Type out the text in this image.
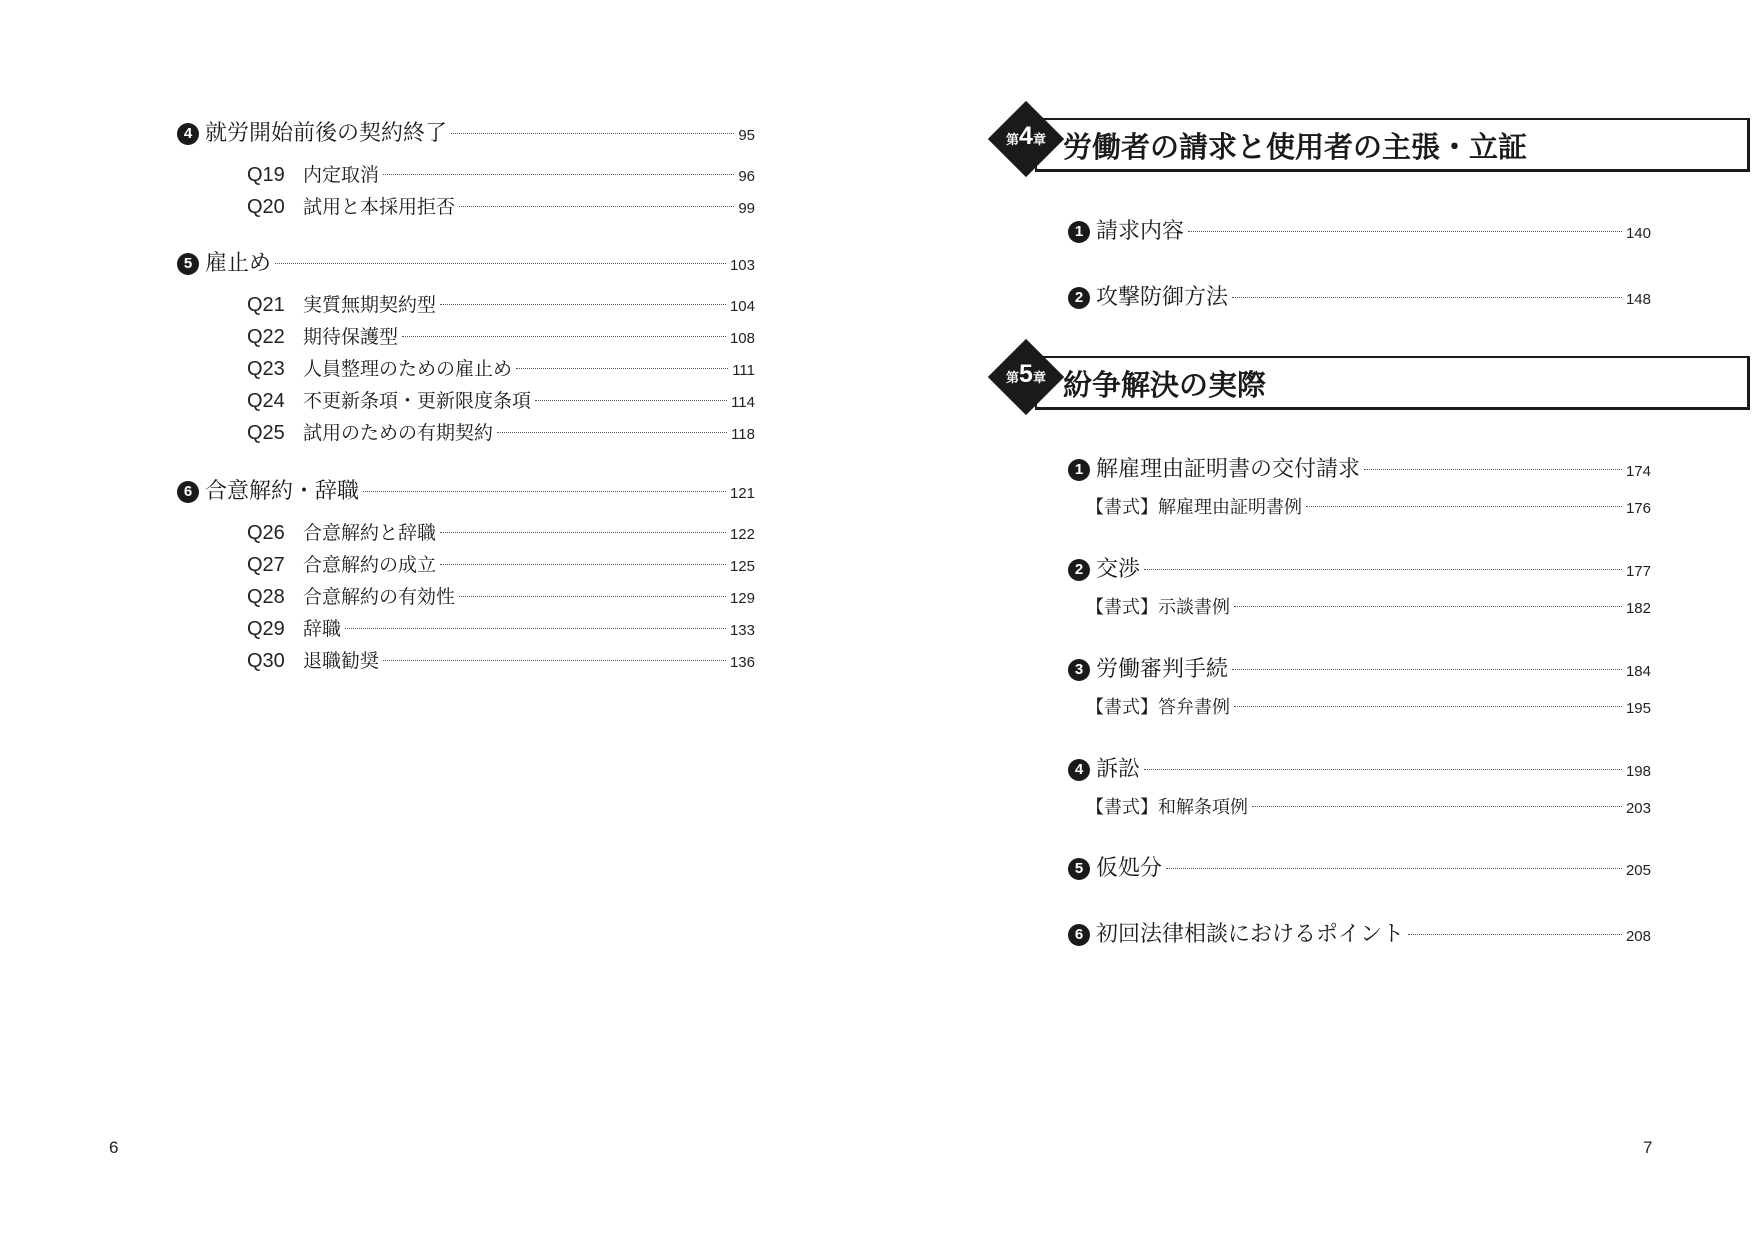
4 就労開始前後の契約終了	95
Q19 内定取消	96
Q20 試用と本採用拒否	99
5 雇止め	103
Q21 実質無期契約型	104
Q22 期待保護型	108
Q23 人員整理のための雇止め	111
Q24 不更新条項・更新限度条項	114
Q25 試用のための有期契約	118
6 合意解約・辞職	121
Q26 合意解約と辞職	122
Q27 合意解約の成立	125
Q28 合意解約の有効性	129
Q29 辞職	133
Q30 退職勧奨	136
6
第4章 労働者の請求と使用者の主張・立証
1 請求内容	140
2 攻撃防御方法	148
第5章 紛争解決の実際
1 解雇理由証明書の交付請求	174
【書式】解雇理由証明書例	176
2 交渉	177
【書式】示談書例	182
3 労働審判手続	184
【書式】答弁書例	195
4 訴訟	198
【書式】和解条項例	203
5 仮処分	205
6 初回法律相談におけるポイント	208
7
